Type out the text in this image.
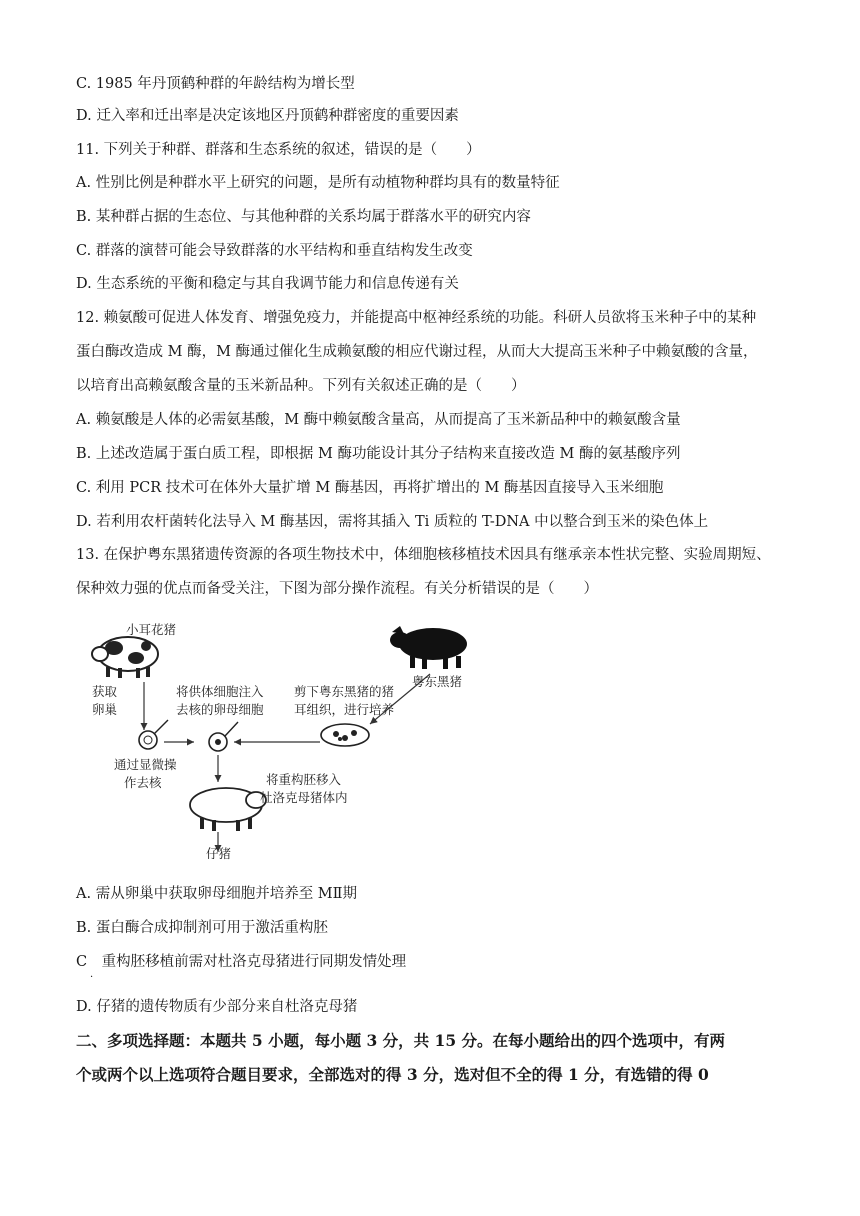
C. 1985 年丹顶鹤种群的年龄结构为增长型
D. 迁入率和迁出率是决定该地区丹顶鹤种群密度的重要因素
11. 下列关于种群、群落和生态系统的叙述，错误的是（　　）
A. 性别比例是种群水平上研究的问题，是所有动植物种群均具有的数量特征
B. 某种群占据的生态位、与其他种群的关系均属于群落水平的研究内容
C. 群落的演替可能会导致群落的水平结构和垂直结构发生改变
D. 生态系统的平衡和稳定与其自我调节能力和信息传递有关
12. 赖氨酸可促进人体发育、增强免疫力，并能提高中枢神经系统的功能。科研人员欲将玉米种子中的某种
蛋白酶改造成 M 酶，M 酶通过催化生成赖氨酸的相应代谢过程，从而大大提高玉米种子中赖氨酸的含量，
以培育出高赖氨酸含量的玉米新品种。下列有关叙述正确的是（　　）
A. 赖氨酸是人体的必需氨基酸，M 酶中赖氨酸含量高，从而提高了玉米新品种中的赖氨酸含量
B. 上述改造属于蛋白质工程，即根据 M 酶功能设计其分子结构来直接改造 M 酶的氨基酸序列
C. 利用 PCR 技术可在体外大量扩增 M 酶基因，再将扩增出的 M 酶基因直接导入玉米细胞
D. 若利用农杆菌转化法导入 M 酶基因，需将其插入 Ti 质粒的 T-DNA 中以整合到玉米的染色体上
13. 在保护粤东黑猪遗传资源的各项生物技术中，体细胞核移植技术因具有继承亲本性状完整、实验周期短、
保种效力强的优点而备受关注，下图为部分操作流程。有关分析错误的是（　　）
小耳花猪
获取
卵巢
将供体细胞注入
去核的卵母细胞
剪下粤东黑猪的猪
耳组织，进行培养
粤东黑猪
通过显微操
作去核	将重构胚移入
杜洛克母猪体内
仔猪
A. 需从卵巢中获取卵母细胞并培养至 MⅡ期
B. 蛋白酶合成抑制剂可用于激活重构胚
C　重构胚移植前需对杜洛克母猪进行同期发情处理
·
D. 仔猪的遗传物质有少部分来自杜洛克母猪
二、多项选择题：本题共 5 小题，每小题 3 分，共 15 分。在每小题给出的四个选项中，有两
个或两个以上选项符合题目要求，全部选对的得 3 分，选对但不全的得 1 分，有选错的得 0
